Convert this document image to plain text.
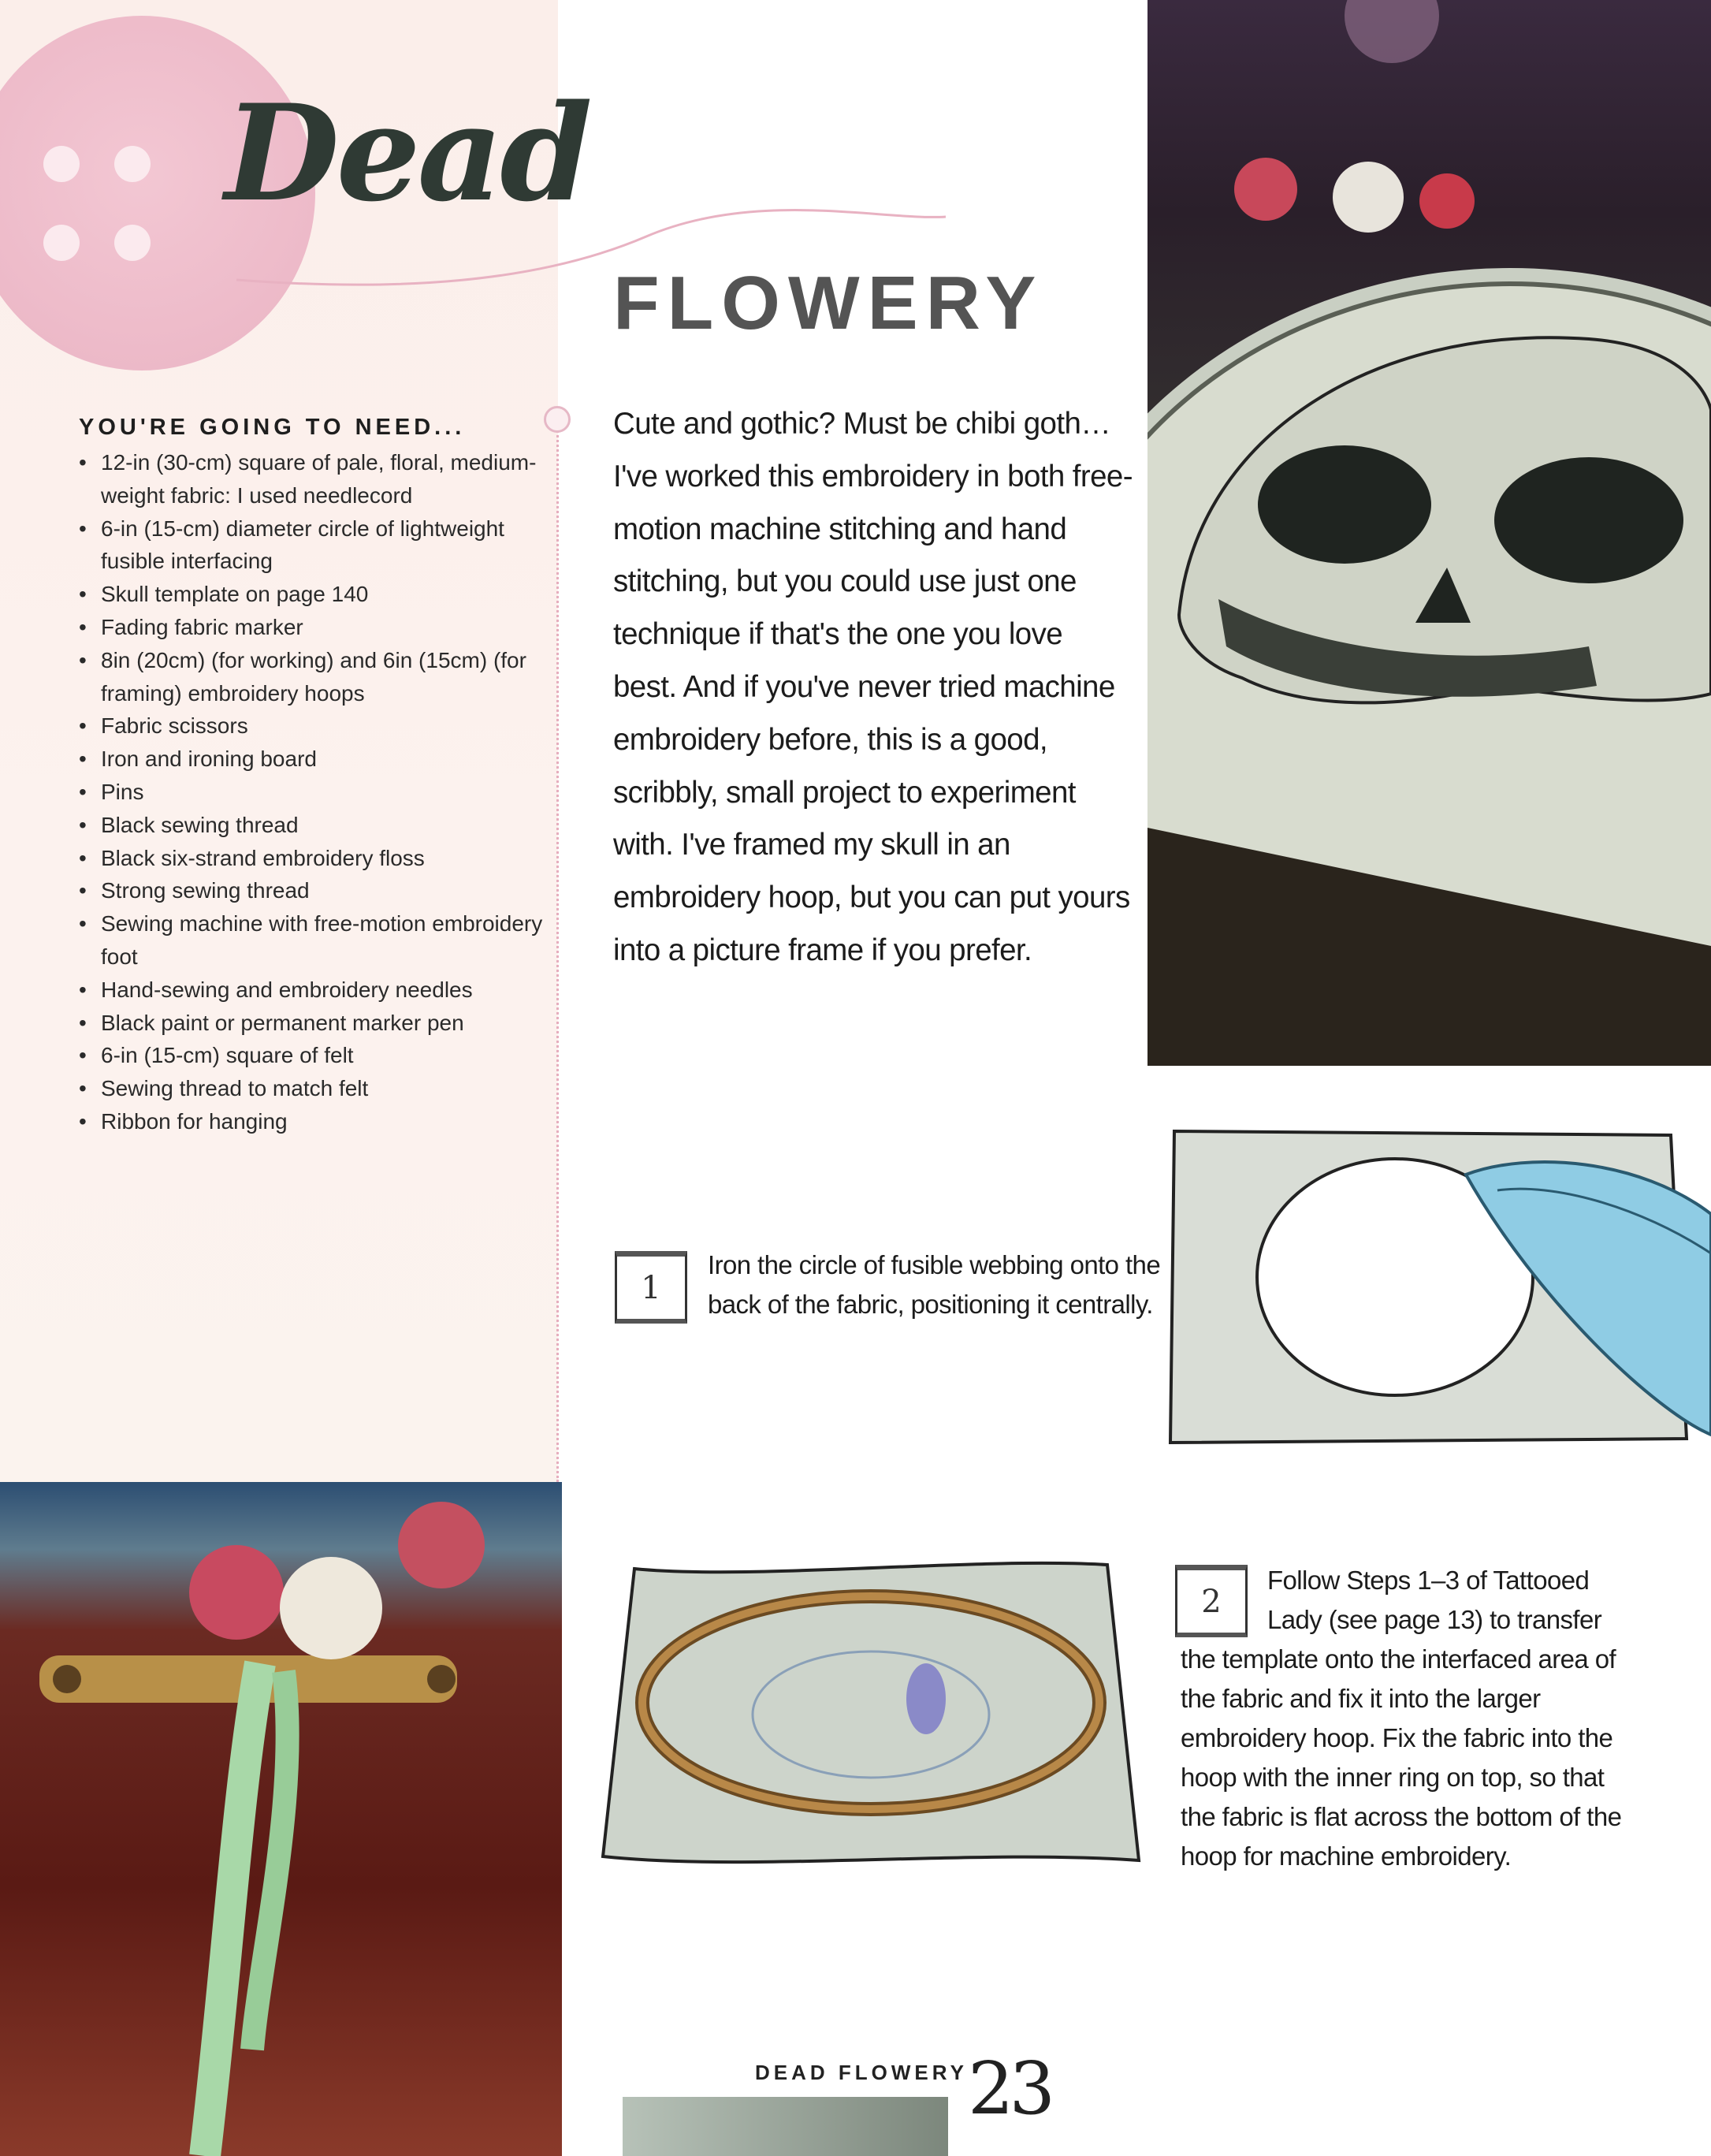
Dead
FLOWERY
YOU'RE GOING TO NEED...
• 12-in (30-cm) square of pale, floral, medium-weight fabric: I used needlecord
• 6-in (15-cm) diameter circle of lightweight fusible interfacing
• Skull template on page 140
• Fading fabric marker
• 8in (20cm) (for working) and 6in (15cm) (for framing) embroidery hoops
• Fabric scissors
• Iron and ironing board
• Pins
• Black sewing thread
• Black six-strand embroidery floss
• Strong sewing thread
• Sewing machine with free-motion embroidery foot
• Hand-sewing and embroidery needles
• Black paint or permanent marker pen
• 6-in (15-cm) square of felt
• Sewing thread to match felt
• Ribbon for hanging

Cute and gothic? Must be chibi goth… I've worked this embroidery in both free-motion machine stitching and hand stitching, but you could use just one technique if that's the one you love best. And if you've never tried machine embroidery before, this is a good, scribbly, small project to experiment with. I've framed my skull in an embroidery hoop, but you can put yours into a picture frame if you prefer.

1

Iron the circle of fusible webbing onto the back of the fabric, positioning it centrally.

2

Follow Steps 1–3 of Tattooed Lady (see page 13) to transfer

the template onto the interfaced area of the fabric and fix it into the larger embroidery hoop. Fix the fabric into the hoop with the inner ring on top, so that the fabric is flat across the bottom of the hoop for machine embroidery.

DEAD FLOWERY 23
